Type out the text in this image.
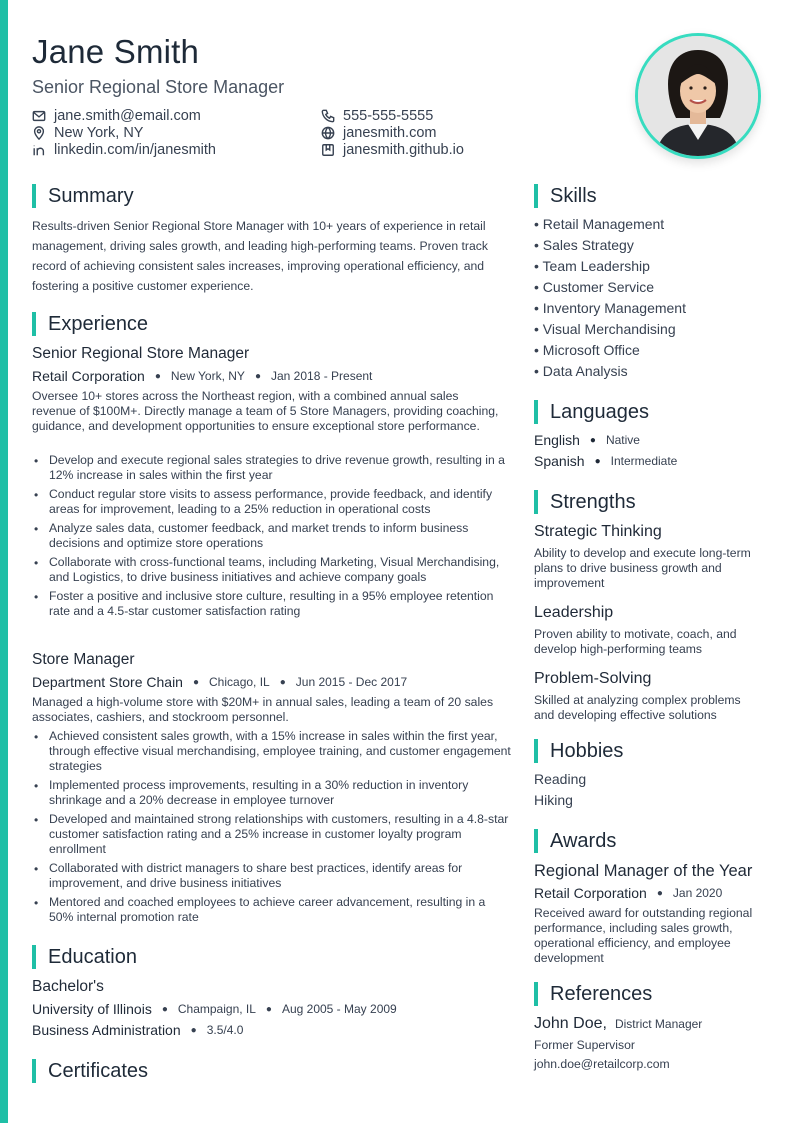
Jane Smith
Senior Regional Store Manager
jane.smith@email.com
New York, NY
linkedin.com/in/janesmith
555-555-5555
janesmith.com
janesmith.github.io
Summary
Results-driven Senior Regional Store Manager with 10+ years of experience in retail management, driving sales growth, and leading high-performing teams. Proven track record of achieving consistent sales increases, improving operational efficiency, and fostering a positive customer experience.
Experience
Senior Regional Store Manager
Retail Corporation ● New York, NY ● Jan 2018 - Present
Oversee 10+ stores across the Northeast region, with a combined annual sales revenue of $100M+. Directly manage a team of 5 Store Managers, providing coaching, guidance, and development opportunities to ensure exceptional store performance.
• Develop and execute regional sales strategies to drive revenue growth, resulting in a 12% increase in sales within the first year
• Conduct regular store visits to assess performance, provide feedback, and identify areas for improvement, leading to a 25% reduction in operational costs
• Analyze sales data, customer feedback, and market trends to inform business decisions and optimize store operations
• Collaborate with cross-functional teams, including Marketing, Visual Merchandising, and Logistics, to drive business initiatives and achieve company goals
• Foster a positive and inclusive store culture, resulting in a 95% employee retention rate and a 4.5-star customer satisfaction rating
Store Manager
Department Store Chain ● Chicago, IL ● Jun 2015 - Dec 2017
Managed a high-volume store with $20M+ in annual sales, leading a team of 20 sales associates, cashiers, and stockroom personnel.
• Achieved consistent sales growth, with a 15% increase in sales within the first year, through effective visual merchandising, employee training, and customer engagement strategies
• Implemented process improvements, resulting in a 30% reduction in inventory shrinkage and a 20% decrease in employee turnover
• Developed and maintained strong relationships with customers, resulting in a 4.8-star customer satisfaction rating and a 25% increase in customer loyalty program enrollment
• Collaborated with district managers to share best practices, identify areas for improvement, and drive business initiatives
• Mentored and coached employees to achieve career advancement, resulting in a 50% internal promotion rate
Education
Bachelor's
University of Illinois ● Champaign, IL ● Aug 2005 - May 2009
Business Administration ● 3.5/4.0
Certificates
Skills
• Retail Management
• Sales Strategy
• Team Leadership
• Customer Service
• Inventory Management
• Visual Merchandising
• Microsoft Office
• Data Analysis
Languages
English ● Native
Spanish ● Intermediate
Strengths
Strategic Thinking
Ability to develop and execute long-term plans to drive business growth and improvement
Leadership
Proven ability to motivate, coach, and develop high-performing teams
Problem-Solving
Skilled at analyzing complex problems and developing effective solutions
Hobbies
Reading
Hiking
Awards
Regional Manager of the Year
Retail Corporation ● Jan 2020
Received award for outstanding regional performance, including sales growth, operational efficiency, and employee development
References
John Doe, District Manager
Former Supervisor
john.doe@retailcorp.com
